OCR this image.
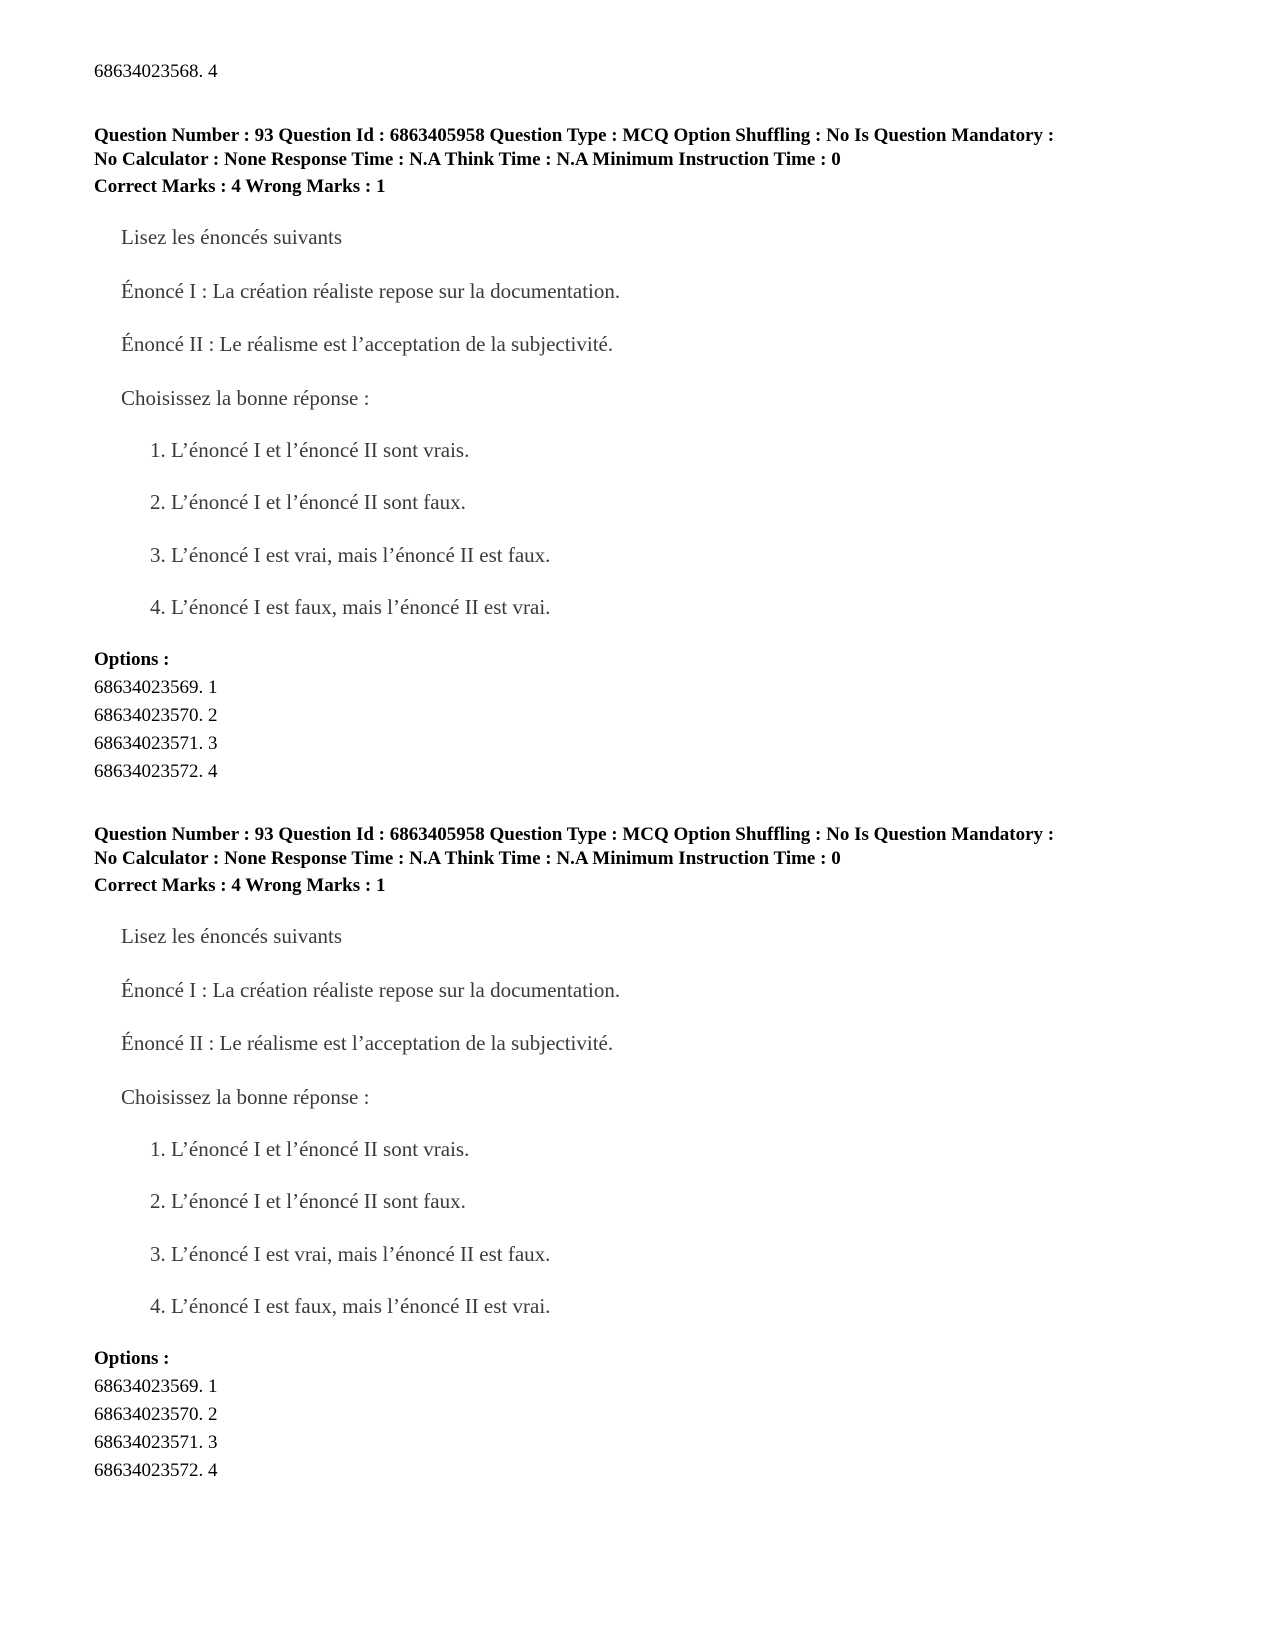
68634023568. 4
Question Number : 93 Question Id : 6863405958 Question Type : MCQ Option Shuffling : No Is Question Mandatory :
No Calculator : None Response Time : N.A Think Time : N.A Minimum Instruction Time : 0
Correct Marks : 4 Wrong Marks : 1
Lisez les énoncés suivants
Énoncé I : La création réaliste repose sur la documentation.
Énoncé II : Le réalisme est l’acceptation de la subjectivité.
Choisissez la bonne réponse :
1. L’énoncé I et l’énoncé II sont vrais.
2. L’énoncé I et l’énoncé II sont faux.
3. L’énoncé I est vrai, mais l’énoncé II est faux.
4. L’énoncé I est faux, mais l’énoncé II est vrai.
Options :
68634023569. 1
68634023570. 2
68634023571. 3
68634023572. 4
Question Number : 93 Question Id : 6863405958 Question Type : MCQ Option Shuffling : No Is Question Mandatory :
No Calculator : None Response Time : N.A Think Time : N.A Minimum Instruction Time : 0
Correct Marks : 4 Wrong Marks : 1
Lisez les énoncés suivants
Énoncé I : La création réaliste repose sur la documentation.
Énoncé II : Le réalisme est l’acceptation de la subjectivité.
Choisissez la bonne réponse :
1. L’énoncé I et l’énoncé II sont vrais.
2. L’énoncé I et l’énoncé II sont faux.
3. L’énoncé I est vrai, mais l’énoncé II est faux.
4. L’énoncé I est faux, mais l’énoncé II est vrai.
Options :
68634023569. 1
68634023570. 2
68634023571. 3
68634023572. 4
